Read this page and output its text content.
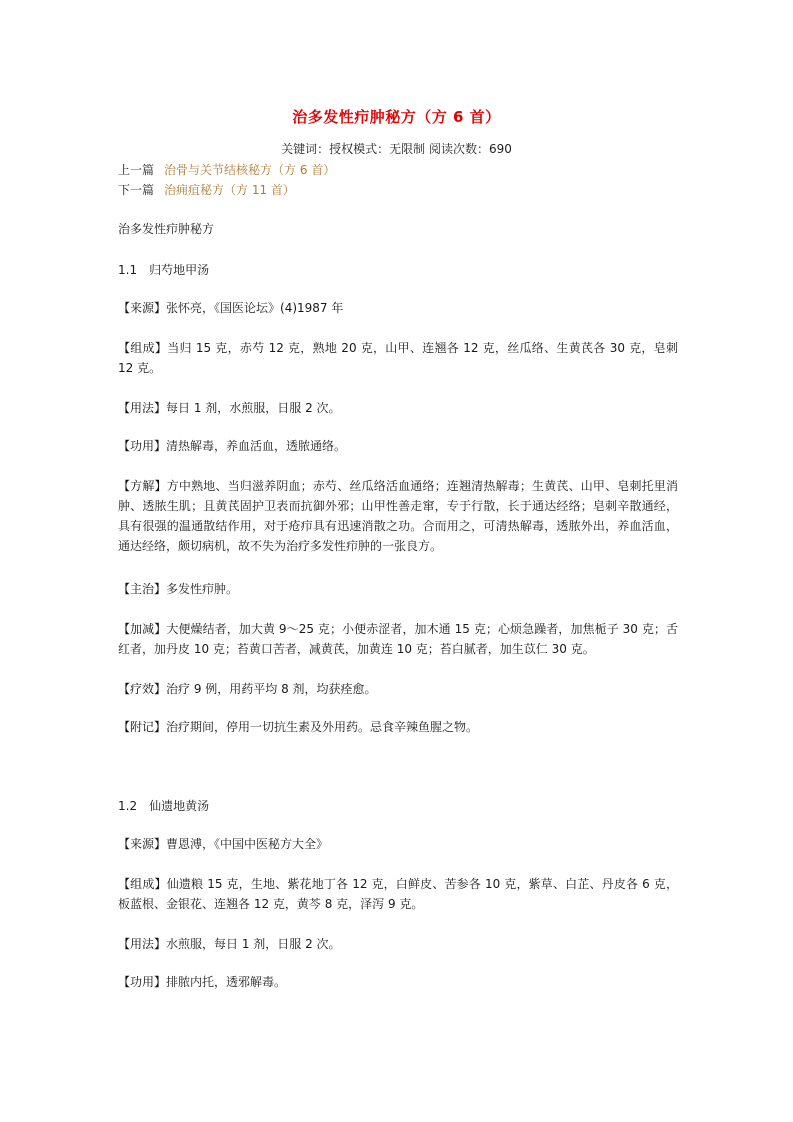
治多发性疖肿秘方（方 6 首）
关键词：授权模式：无限制 阅读次数：690
上一篇 治骨与关节结核秘方（方 6 首）
下一篇 治痈疽秘方（方 11 首）
治多发性疖肿秘方
1.1　归芍地甲汤
【来源】张怀亮，《国医论坛》(4)1987 年
【组成】当归 15 克，赤芍 12 克，熟地 20 克，山甲、连翘各 12 克，丝瓜络、生黄芪各 30 克，皂刺 12 克。
【用法】每日 1 剂，水煎服，日服 2 次。
【功用】清热解毒，养血活血，透脓通络。
【方解】方中熟地、当归滋养阴血；赤芍、丝瓜络活血通络；连翘清热解毒；生黄芪、山甲、皂刺托里消肿、透脓生肌；且黄芪固护卫表而抗御外邪；山甲性善走窜，专于行散，长于通达经络；皂刺辛散通经，具有很强的温通散结作用，对于疮疖具有迅速消散之功。合而用之，可清热解毒，透脓外出，养血活血，通达经络，颇切病机，故不失为治疗多发性疖肿的一张良方。
【主治】多发性疖肿。
【加减】大便燥结者，加大黄 9～25 克；小便赤涩者，加木通 15 克；心烦急躁者，加焦栀子 30 克；舌红者，加丹皮 10 克；苔黄口苦者，减黄芪，加黄连 10 克；苔白腻者，加生苡仁 30 克。
【疗效】治疗 9 例，用药平均 8 剂，均获痊愈。
【附记】治疗期间，停用一切抗生素及外用药。忌食辛辣鱼腥之物。
1.2　仙遗地黄汤
【来源】曹恩溥，《中国中医秘方大全》
【组成】仙遗粮 15 克，生地、紫花地丁各 12 克，白鲜皮、苦参各 10 克，紫草、白芷、丹皮各 6 克，板蓝根、金银花、连翘各 12 克，黄芩 8 克，泽泻 9 克。
【用法】水煎服，每日 1 剂，日服 2 次。
【功用】排脓内托，透邪解毒。
